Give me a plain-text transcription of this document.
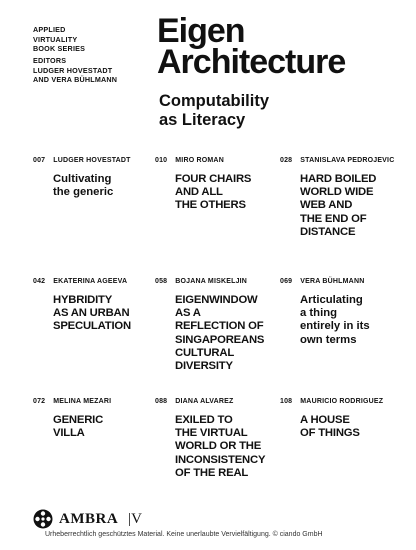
APPLIED
VIRTUALITY
BOOK SERIES
EDITORS
LUDGER HOVESTADT
AND VERA BÜHLMANN
Eigen
Architecture
Computability
as Literacy
007 LUDGER HOVESTADT
Cultivating
the generic
010 MIRO ROMAN
FOUR CHAIRS
AND ALL
THE OTHERS
028 STANISLAVA PEDROJEVIC
HARD BOILED
WORLD WIDE
WEB AND
THE END OF
DISTANCE
042 EKATERINA AGEEVA
HYBRIDITY
AS AN URBAN
SPECULATION
058 BOJANA MISKELJIN
EIGENWINDOW
AS A
REFLECTION OF
SINGAPOREANS
CULTURAL
DIVERSITY
069 VERA BÜHLMANN
Articulating
a thing
entirely in its
own terms
072 MELINA MEZARI
GENERIC
VILLA
088 DIANA ALVAREZ
EXILED TO
THE VIRTUAL
WORLD OR THE
INCONSISTENCY
OF THE REAL
108 MAURICIO RODRIGUEZ
A HOUSE
OF THINGS
AMBRA |V
Urheberrechtlich geschütztes Material. Keine unerlaubte Vervielfältigung. © ciando GmbH
